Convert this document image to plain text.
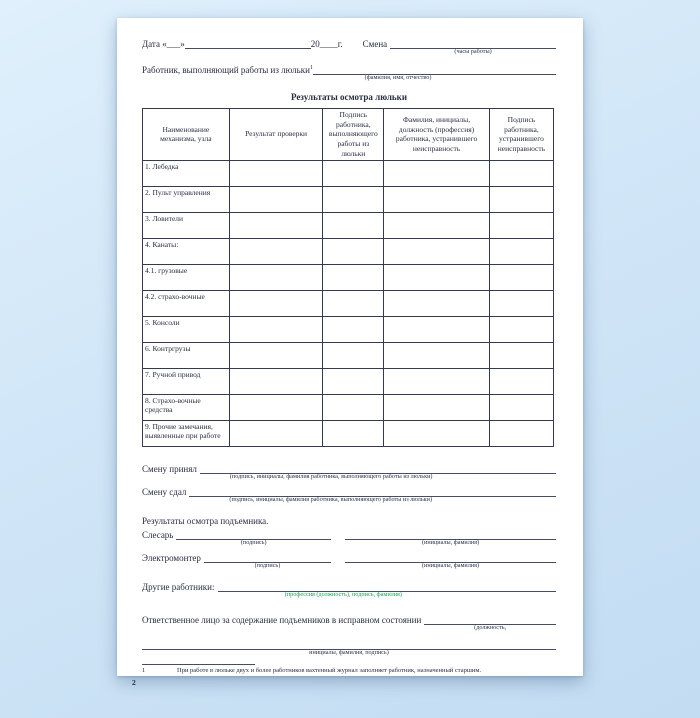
Дата «___»	20____г. Смена
(часы работы)
Работник, выполняющий работы из люльки$^1$
(фамилия, имя, отчество)
Результаты осмотра люльки
Наименование механизма, узла	Результат проверки	Подпись работника, выполняющего работы из люльки	Фамилия, инициалы, должность (профессия) работника, устранившего неисправность	Подпись работника, устранившего неисправность
1. Лебедка				
2. Пульт управления				
3. Ловители				
4. Канаты:				
4.1. грузовые				
4.2. страхо-вочные				
5. Консоли				
6. Контргрузы				
7. Ручной привод				
8. Страхо-вочные средства				
9. Прочие замечания, выявленные при работе				
Смену принял
(подпись, инициалы, фамилия работника, выполняющего работы из люльки)
Смену сдал
(подпись, инициалы, фамилия работника, выполняющего работы из люльки)
Результаты осмотра подъемника.
Слесарь
(подпись)	(инициалы, фамилия)
Электромонтер
(подпись)	(инициалы, фамилия)
Другие работники:
(профессия (должность), подпись, фамилия)
Ответственное лицо за содержание подъемников в исправном состоянии
(должность,
инициалы, фамилия, подпись)
1	При работе в люльке двух и более работников вахтенный журнал заполняет работник, назначенный старшим.
2
